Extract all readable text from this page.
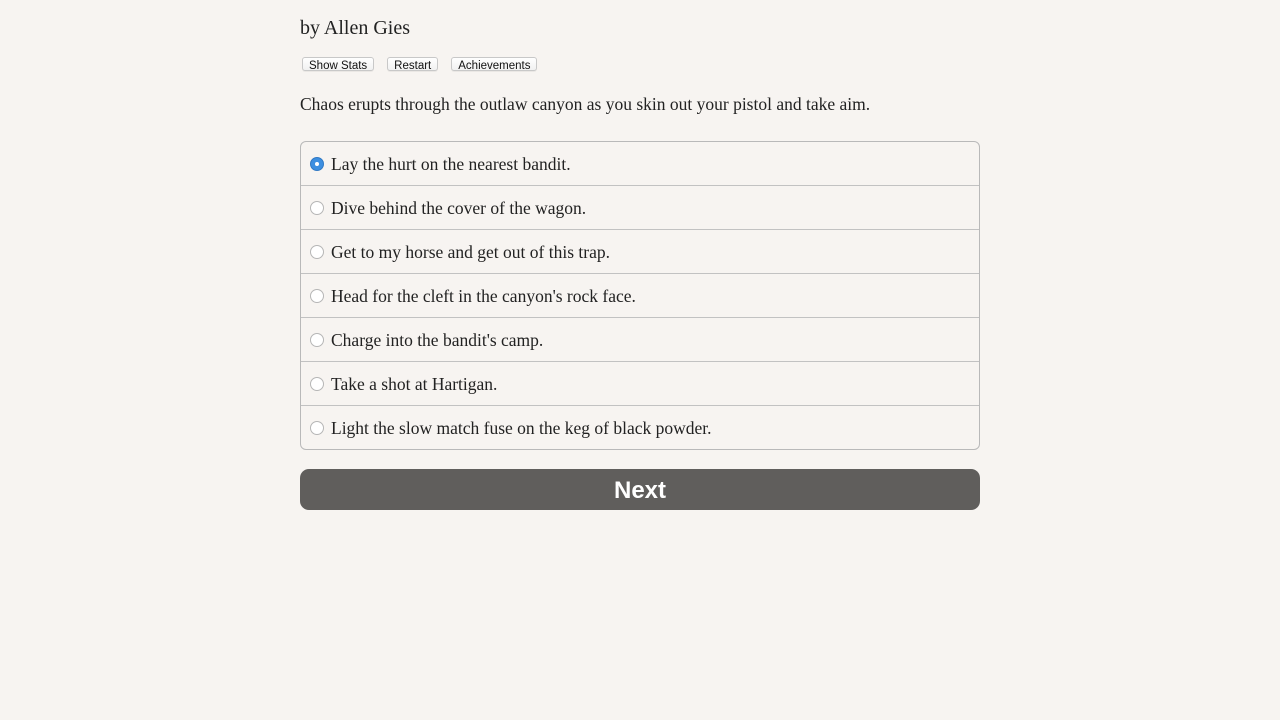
by Allen Gies
Show Stats	Restart	Achievements
Chaos erupts through the outlaw canyon as you skin out your pistol and take aim.
Lay the hurt on the nearest bandit.
Dive behind the cover of the wagon.
Get to my horse and get out of this trap.
Head for the cleft in the canyon's rock face.
Charge into the bandit's camp.
Take a shot at Hartigan.
Light the slow match fuse on the keg of black powder.
Next
